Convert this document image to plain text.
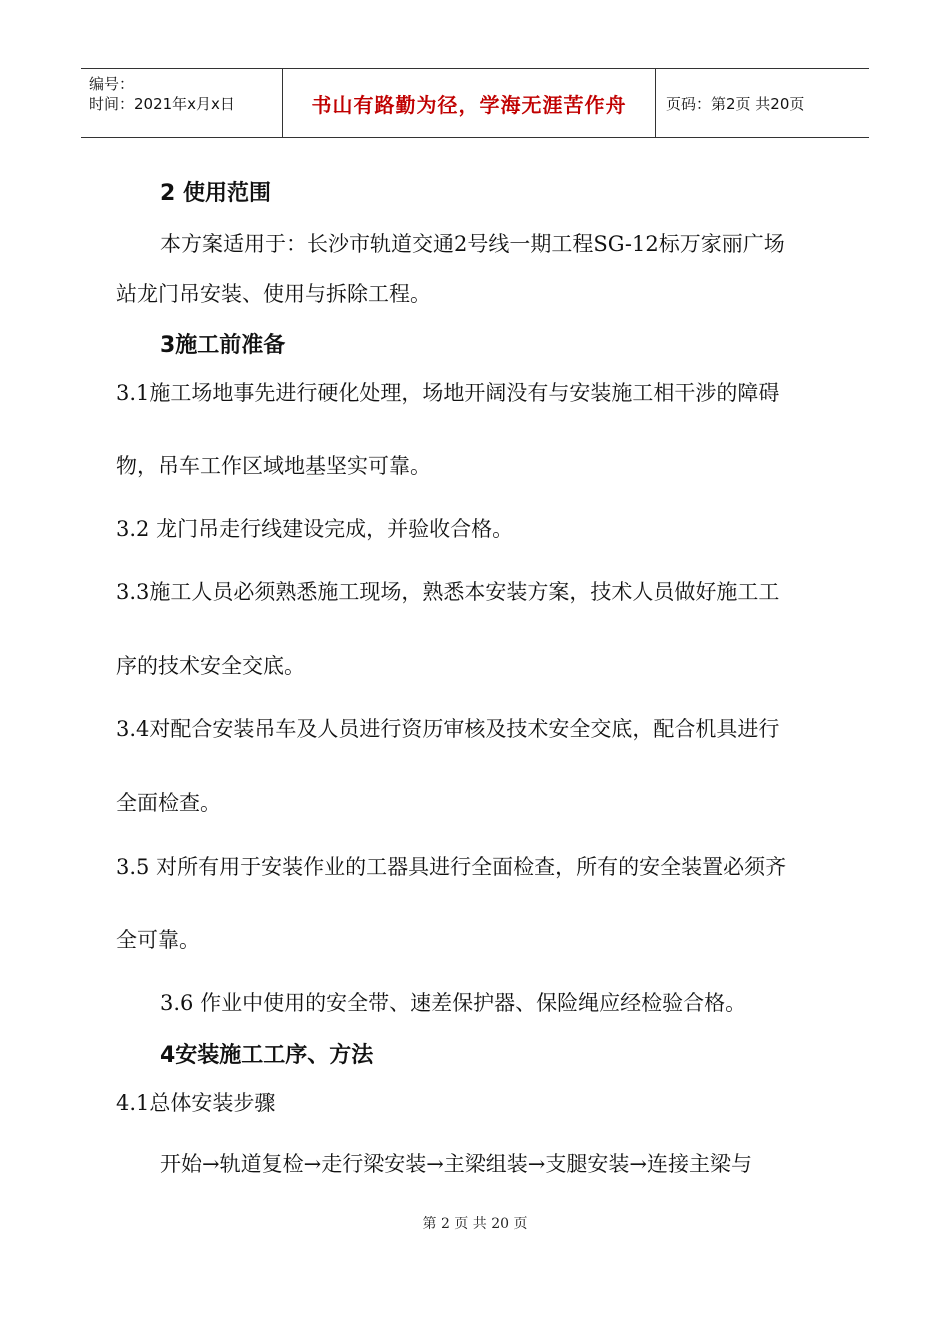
编号：
时间：2021年x月x日	书山有路勤为径，学海无涯苦作舟	页码：第2页 共20页
2 使用范围
本方案适用于：长沙市轨道交通2号线一期工程SG-12标万家丽广场
站龙门吊安装、使用与拆除工程。
3施工前准备
3.1施工场地事先进行硬化处理，场地开阔没有与安装施工相干涉的障碍
物，吊车工作区域地基坚实可靠。
3.2 龙门吊走行线建设完成，并验收合格。
3.3施工人员必须熟悉施工现场，熟悉本安装方案，技术人员做好施工工
序的技术安全交底。
3.4对配合安装吊车及人员进行资历审核及技术安全交底，配合机具进行
全面检查。
3.5 对所有用于安装作业的工器具进行全面检查，所有的安全装置必须齐
全可靠。
3.6 作业中使用的安全带、速差保护器、保险绳应经检验合格。
4安装施工工序、方法
4.1总体安装步骤
开始→轨道复检→走行梁安装→主梁组装→支腿安装→连接主梁与
第 2 页 共 20 页
